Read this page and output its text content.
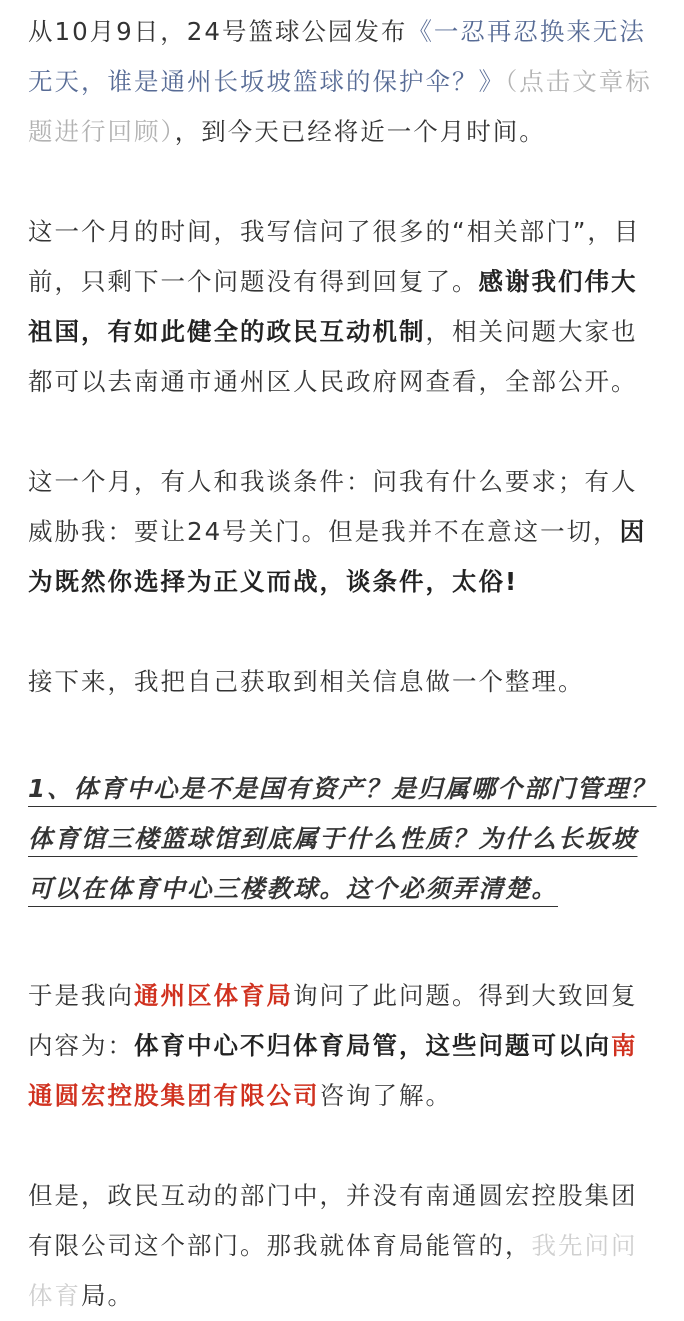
从10月9日，24号篮球公园发布《一忍再忍换来无法无天，谁是通州长坂坡篮球的保护伞？》（点击文章标题进行回顾），到今天已经将近一个月时间。

这一个月的时间，我写信问了很多的“相关部门”，目前，只剩下一个问题没有得到回复了。感谢我们伟大祖国，有如此健全的政民互动机制，相关问题大家也都可以去南通市通州区人民政府网查看，全部公开。

这一个月，有人和我谈条件：问我有什么要求；有人威胁我：要让24号关门。但是我并不在意这一切，因为既然你选择为正义而战，谈条件，太俗!

接下来，我把自己获取到相关信息做一个整理。

1、体育中心是不是国有资产？是归属哪个部门管理？体育馆三楼篮球馆到底属于什么性质？为什么长坂坡可以在体育中心三楼教球。这个必须弄清楚。

于是我向通州区体育局询问了此问题。得到大致回复内容为：体育中心不归体育局管，这些问题可以向南通圆宏控股集团有限公司咨询了解。

但是，政民互动的部门中，并没有南通圆宏控股集团有限公司这个部门。那我就体育局能管的，我先问问体育局。
